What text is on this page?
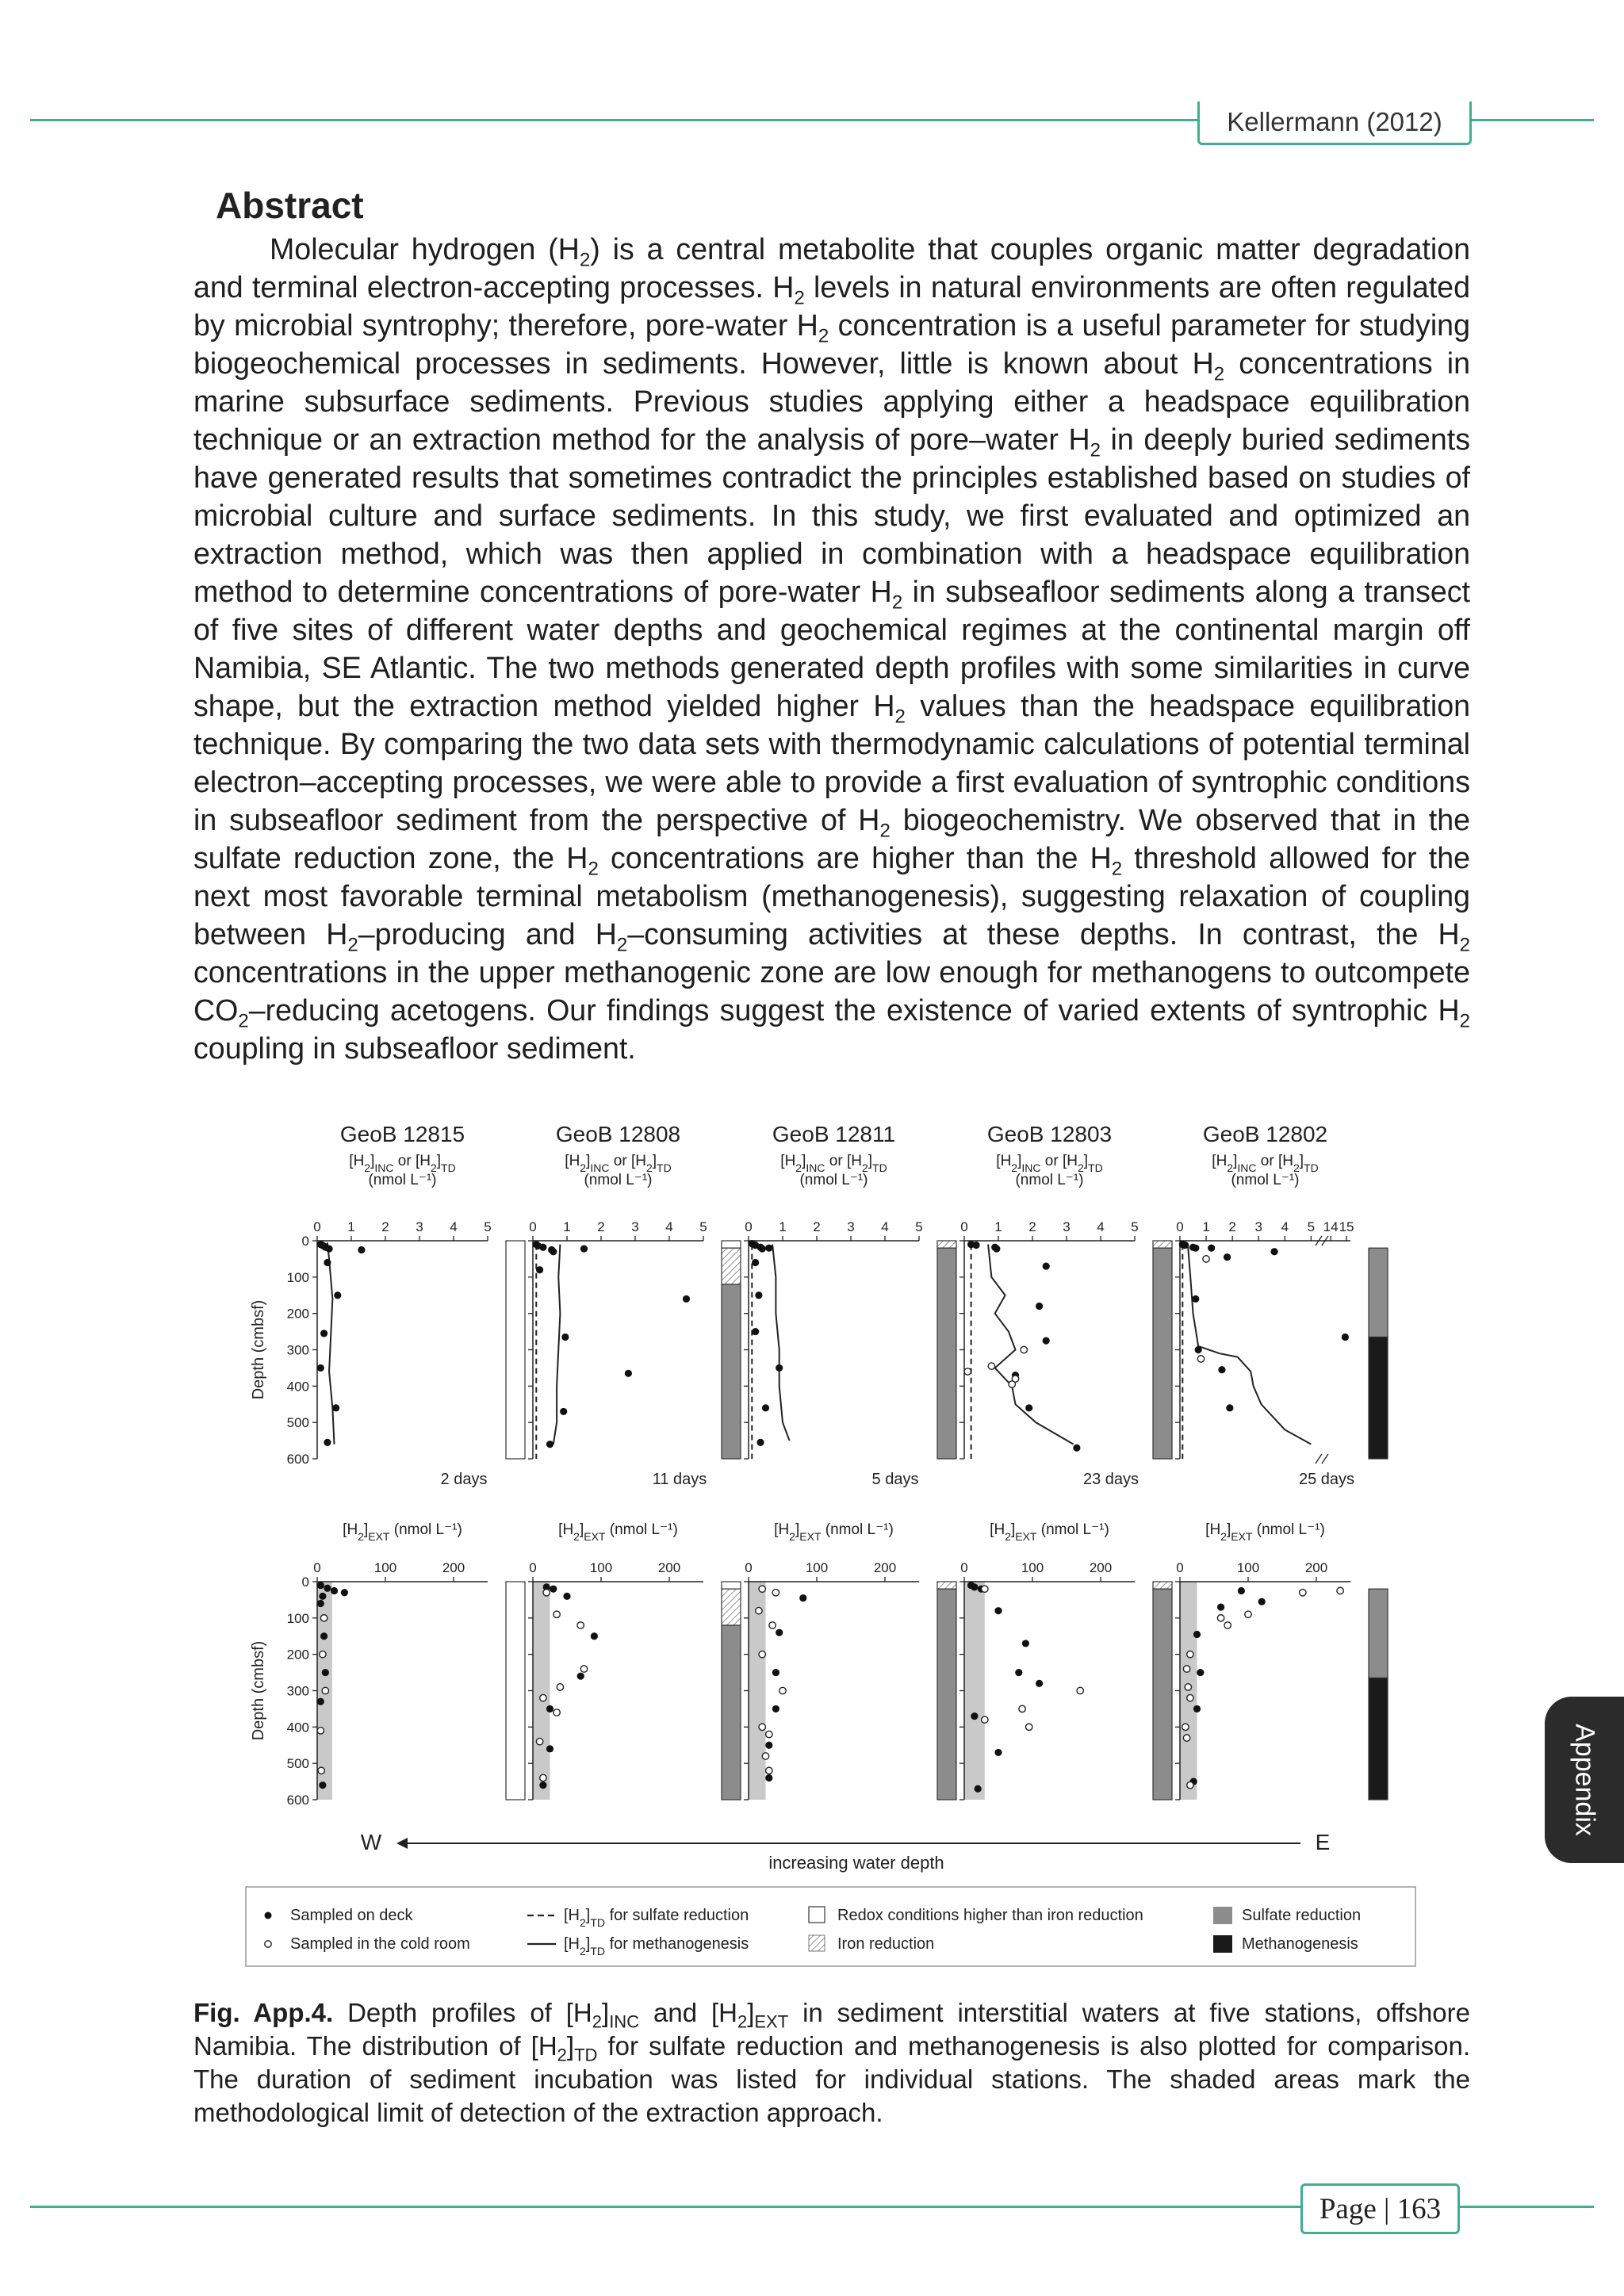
Kellermann (2012)
Abstract

Molecular hydrogen $(H_2)$ is a central metabolite that couples organic matter degradation and terminal electron-accepting processes. $H_2$ levels in natural environments are often regulated by microbial syntrophy; therefore, pore-water $H_2$ concentration is a useful parameter for studying biogeochemical processes in sediments. However, little is known about $H_2$ concentrations in marine subsurface sediments. Previous studies applying either a headspace equilibration technique or an extraction method for the analysis of pore–water $H_2$ in deeply buried sediments have generated results that sometimes contradict the principles established based on studies of microbial culture and surface sediments. In this study, we first evaluated and optimized an extraction method, which was then applied in combination with a headspace equilibration method to determine concentrations of pore-water $H_2$ in subseafloor sediments along a transect of five sites of different water depths and geochemical regimes at the continental margin off Namibia, SE Atlantic. The two methods generated depth profiles with some similarities in curve shape, but the extraction method yielded higher $H_2$ values than the headspace equilibration technique. By comparing the two data sets with thermodynamic calculations of potential terminal electron–accepting processes, we were able to provide a first evaluation of syntrophic conditions in subseafloor sediment from the perspective of $H_2$ biogeochemistry. We observed that in the sulfate reduction zone, the $H_2$ concentrations are higher than the $H_2$ threshold allowed for the next most favorable terminal metabolism (methanogenesis), suggesting relaxation of coupling between $H_2$–producing and $H_2$–consuming activities at these depths. In contrast, the $H_2$ concentrations in the upper methanogenic zone are low enough for methanogens to outcompete $CO_2$–reducing acetogens. Our findings suggest the existence of varied extents of syntrophic $H_2$ coupling in subseafloor sediment.

Depth (cmbsf)
Depth (cmbsf)
GeoB 12815
$[H_2]_{INC}$ or $[H_2]_{TD}$
(nmol L⁻¹)
0 1 2 3 4 5
0
100
200
300
400
500
600
2 days
$[H_2]_{EXT}$ (nmol L⁻¹)
0	100	200
0
100
200
300
400
500
600
GeoB 12808
$[H_2]_{INC}$ or $[H_2]_{TD}$
(nmol L⁻¹)
0 1 2 3 4 5
11 days
$[H_2]_{EXT}$ (nmol L⁻¹)
0	100	200
GeoB 12811
$[H_2]_{INC}$ or $[H_2]_{TD}$
(nmol L⁻¹)
0 1 2 3 4 5
5 days
$[H_2]_{EXT}$ (nmol L⁻¹)
0	100	200
GeoB 12803
$[H_2]_{INC}$ or $[H_2]_{TD}$
(nmol L⁻¹)
0 1 2 3 4 5
23 days
$[H_2]_{EXT}$ (nmol L⁻¹)
0	100	200
GeoB 12802
$[H_2]_{INC}$ or $[H_2]_{TD}$
(nmol L⁻¹)
0 1 2 3 4 5 14 15
25 days
$[H_2]_{EXT}$ (nmol L⁻¹)
0	100	200
W	E
increasing water depth
Sampled on deck
Sampled in the cold room
$[H_2]_{TD}$ for sulfate reduction
$[H_2]_{TD}$ for methanogenesis
Redox conditions higher than iron reduction
Iron reduction
Sulfate reduction
Methanogenesis
Fig. App.4. Depth profiles of $[H_2]_{INC}$ and $[H_2]_{EXT}$ in sediment interstitial waters at five stations, offshore Namibia. The distribution of $[H_2]_{TD}$ for sulfate reduction and methanogenesis is also plotted for comparison. The duration of sediment incubation was listed for individual stations. The shaded areas mark the methodological limit of detection of the extraction approach.
Appendix
Page | 163
